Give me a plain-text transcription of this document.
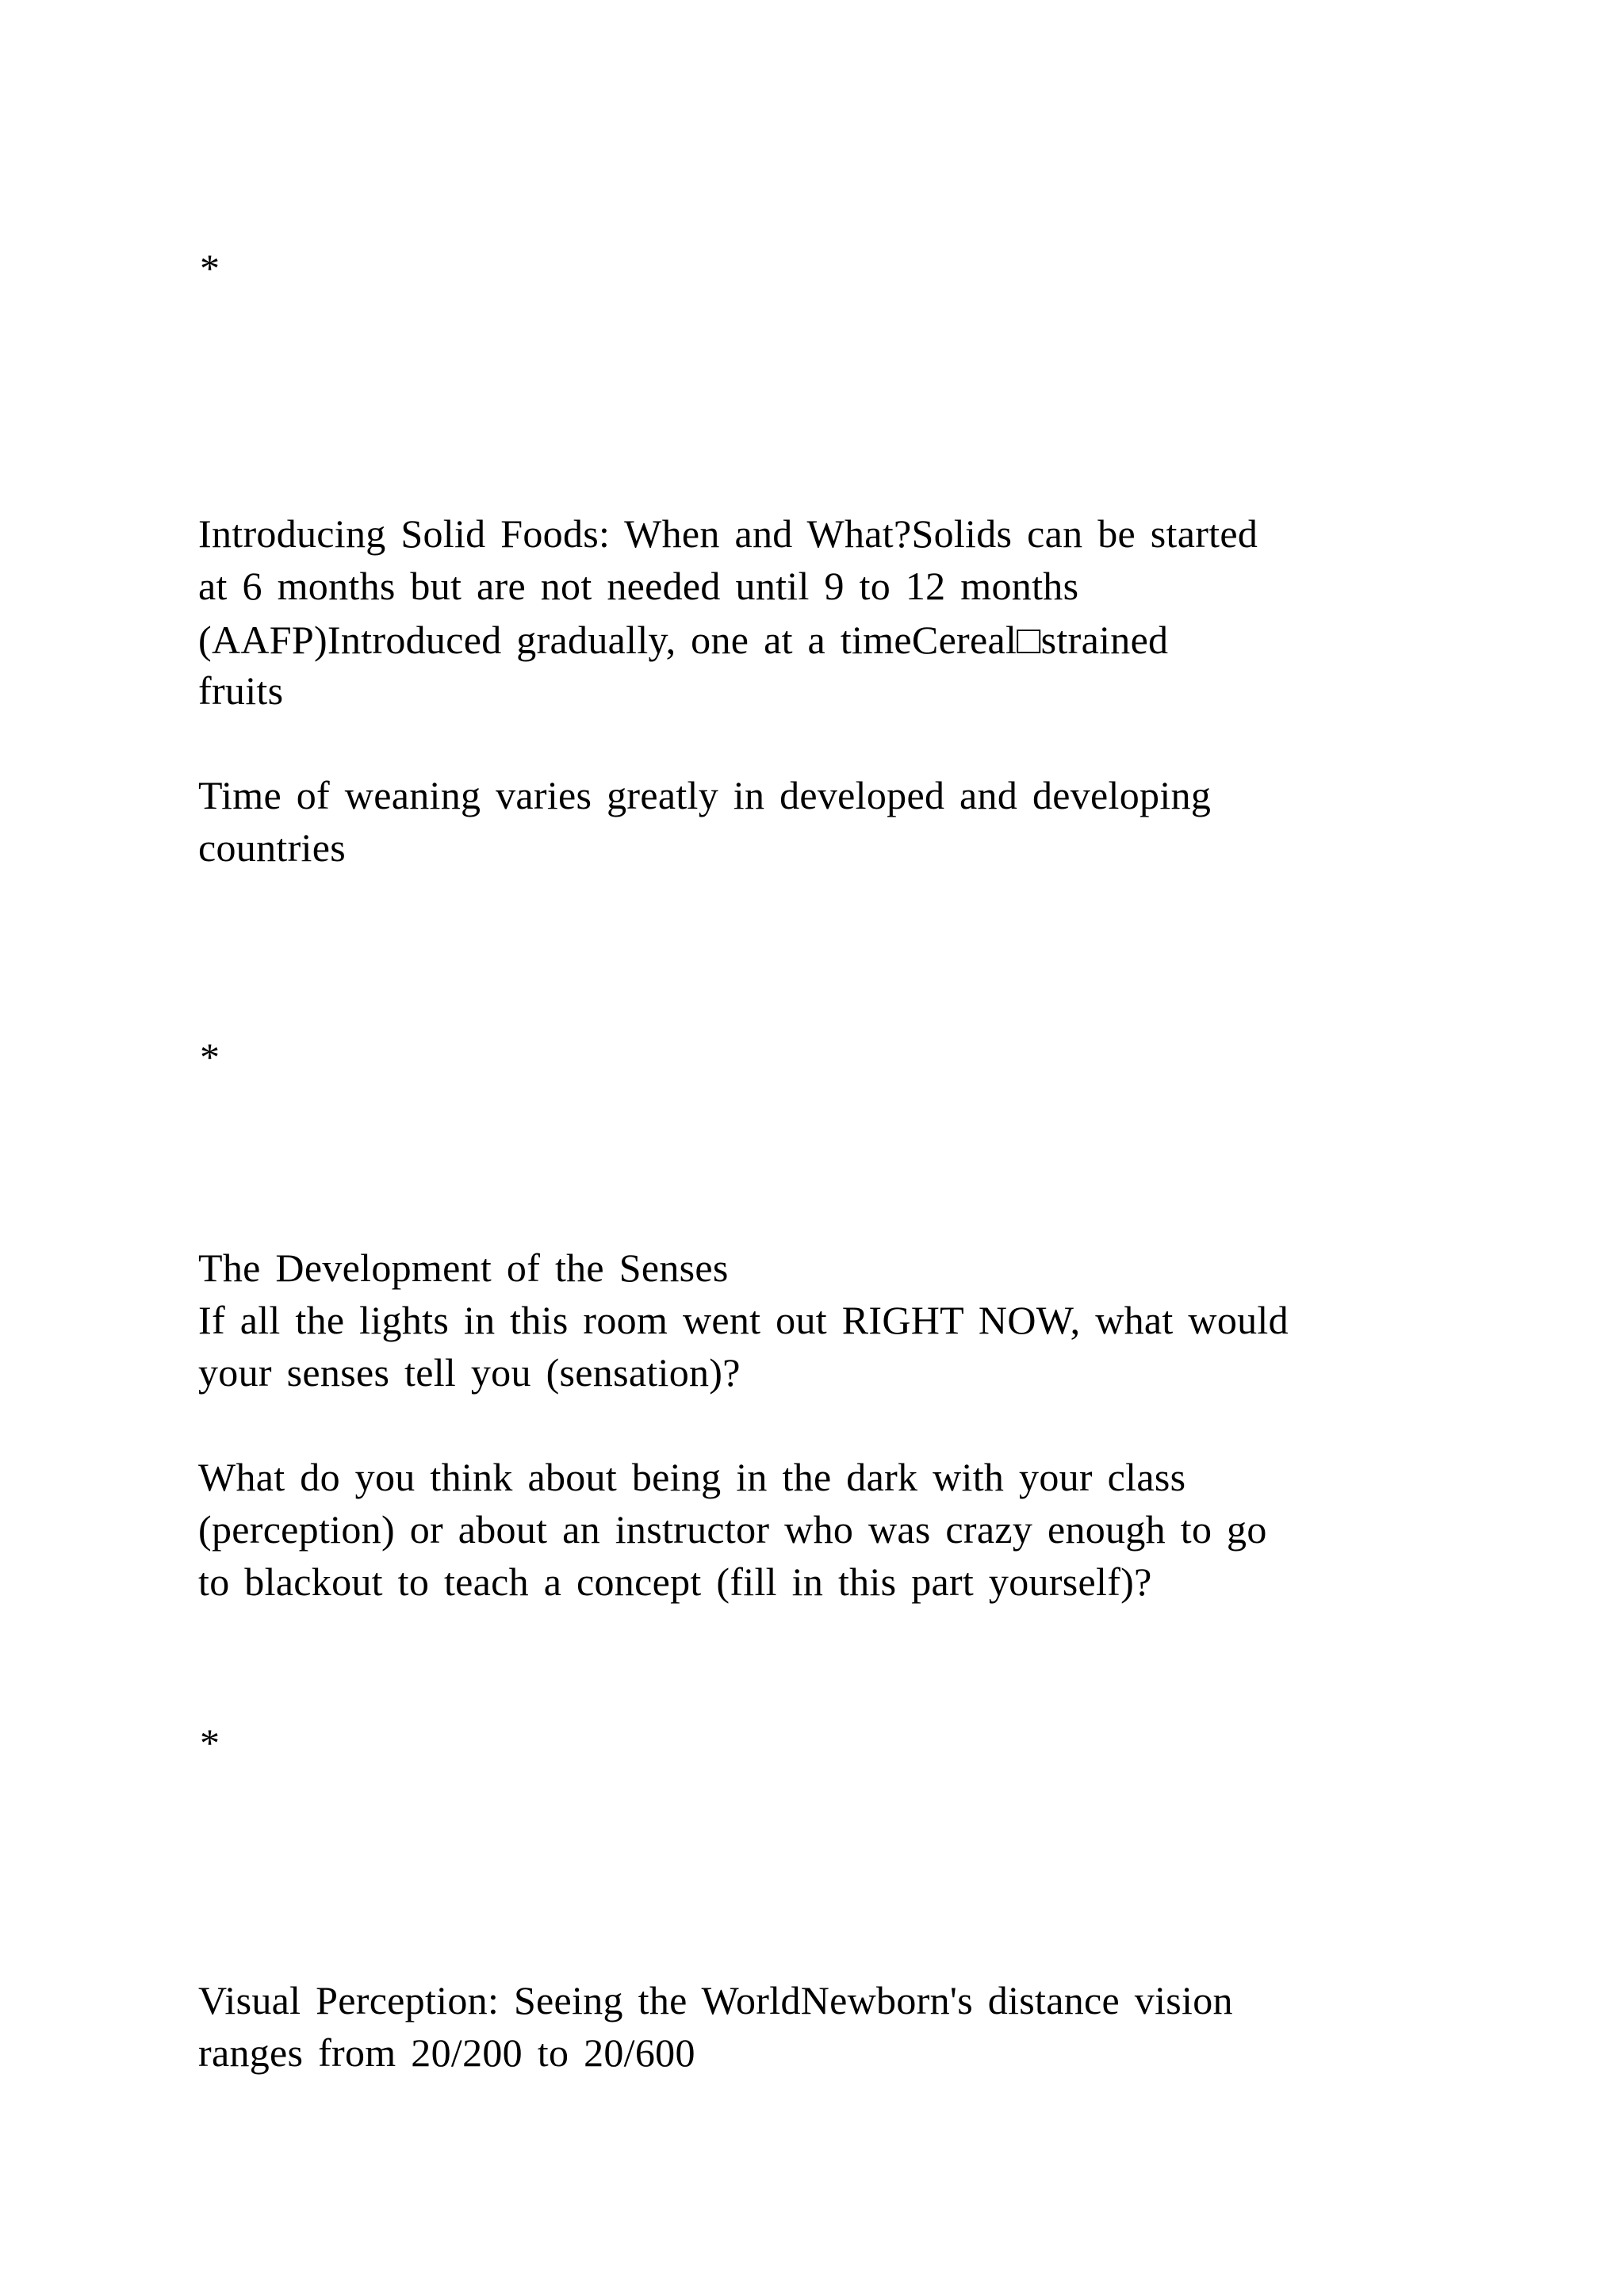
*
Introducing Solid Foods: When and What?Solids can be started
at 6 months but are not needed until 9 to 12 months
(AAFP)Introduced gradually, one at a timeCereal□strained
fruits
Time of weaning varies greatly in developed and developing
countries
*
The Development of the Senses
If all the lights in this room went out RIGHT NOW, what would
your senses tell you (sensation)?
What do you think about being in the dark with your class
(perception) or about an instructor who was crazy enough to go
to blackout to teach a concept (fill in this part yourself)?
*
Visual Perception: Seeing the WorldNewborn's distance vision
ranges from 20/200 to 20/600
